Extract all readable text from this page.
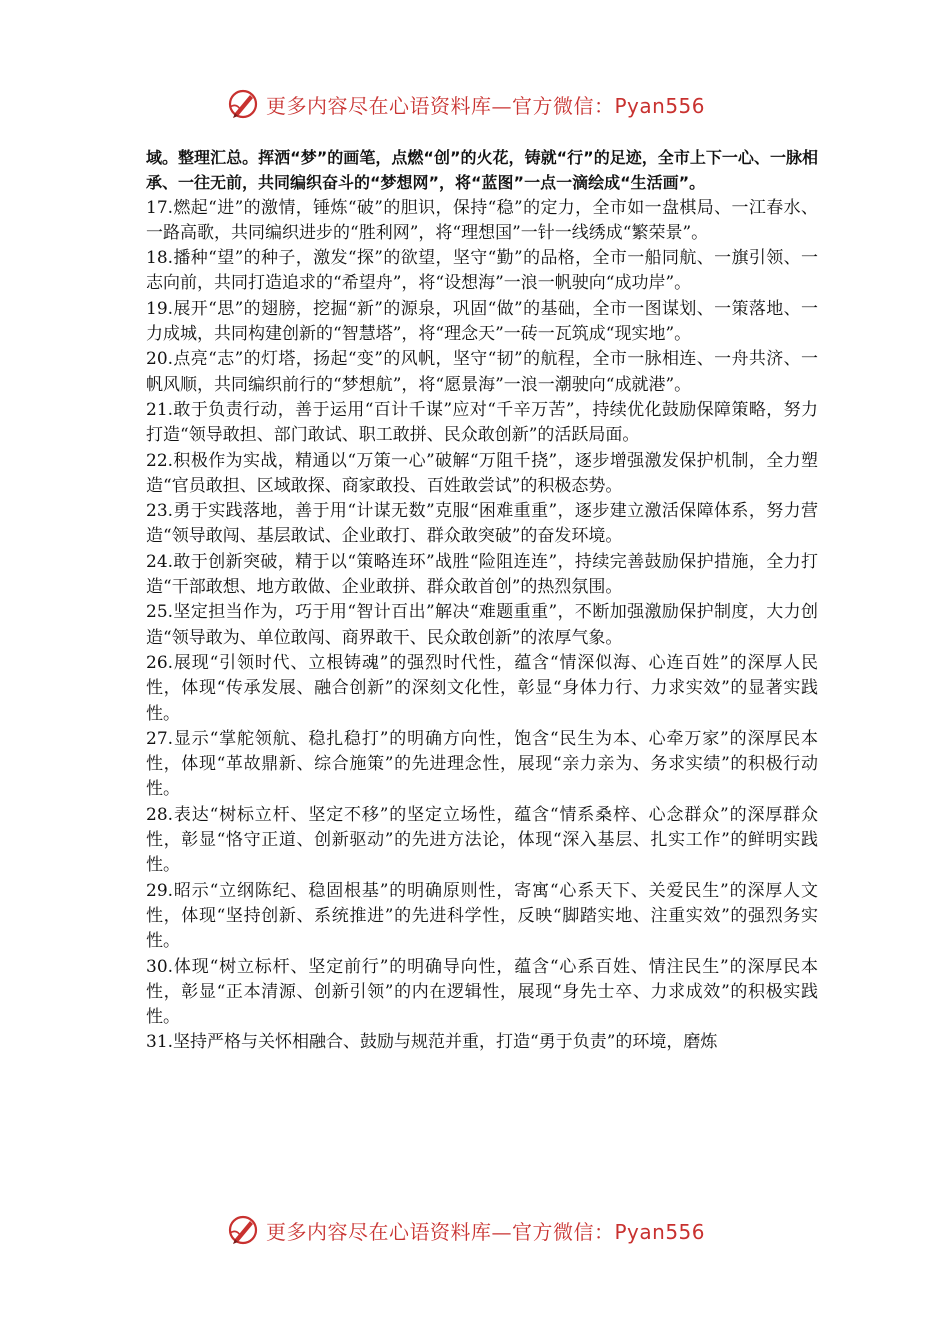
更多内容尽在心语资料库—官方微信：Pyan556

域。整理汇总。挥洒“梦”的画笔，点燃“创”的火花，铸就“行”的足迹，全市上下一心、一脉相承、一往无前，共同编织奋斗的“梦想网”，将“蓝图”一点一滴绘成“生活画”。

17.燃起“进”的激情，锤炼“破”的胆识，保持“稳”的定力，全市如一盘棋局、一江春水、一路高歌，共同编织进步的“胜利网”，将“理想国”一针一线绣成“繁荣景”。

18.播种“望”的种子，激发“探”的欲望，坚守“勤”的品格，全市一船同航、一旗引领、一志向前，共同打造追求的“希望舟”，将“设想海”一浪一帆驶向“成功岸”。

19.展开“思”的翅膀，挖掘“新”的源泉，巩固“做”的基础，全市一图谋划、一策落地、一力成城，共同构建创新的“智慧塔”，将“理念天”一砖一瓦筑成“现实地”。

20.点亮“志”的灯塔，扬起“变”的风帆，坚守“韧”的航程，全市一脉相连、一舟共济、一帆风顺，共同编织前行的“梦想航”，将“愿景海”一浪一潮驶向“成就港”。

21.敢于负责行动，善于运用“百计千谋”应对“千辛万苦”，持续优化鼓励保障策略，努力打造“领导敢担、部门敢试、职工敢拼、民众敢创新”的活跃局面。

22.积极作为实战，精通以“万策一心”破解“万阻千挠”，逐步增强激发保护机制，全力塑造“官员敢担、区域敢探、商家敢投、百姓敢尝试”的积极态势。

23.勇于实践落地，善于用“计谋无数”克服“困难重重”，逐步建立激活保障体系，努力营造“领导敢闯、基层敢试、企业敢打、群众敢突破”的奋发环境。

24.敢于创新突破，精于以“策略连环”战胜“险阻连连”，持续完善鼓励保护措施，全力打造“干部敢想、地方敢做、企业敢拼、群众敢首创”的热烈氛围。

25.坚定担当作为，巧于用“智计百出”解决“难题重重”，不断加强激励保护制度，大力创造“领导敢为、单位敢闯、商界敢干、民众敢创新”的浓厚气象。

26.展现“引领时代、立根铸魂”的强烈时代性，蕴含“情深似海、心连百姓”的深厚人民性，体现“传承发展、融合创新”的深刻文化性，彰显“身体力行、力求实效”的显著实践性。

27.显示“掌舵领航、稳扎稳打”的明确方向性，饱含“民生为本、心牵万家”的深厚民本性，体现“革故鼎新、综合施策”的先进理念性，展现“亲力亲为、务求实绩”的积极行动性。

28.表达“树标立杆、坚定不移”的坚定立场性，蕴含“情系桑梓、心念群众”的深厚群众性，彰显“恪守正道、创新驱动”的先进方法论，体现“深入基层、扎实工作”的鲜明实践性。

29.昭示“立纲陈纪、稳固根基”的明确原则性，寄寓“心系天下、关爱民生”的深厚人文性，体现“坚持创新、系统推进”的先进科学性，反映“脚踏实地、注重实效”的强烈务实性。

30.体现“树立标杆、坚定前行”的明确导向性，蕴含“心系百姓、情注民生”的深厚民本性，彰显“正本清源、创新引领”的内在逻辑性，展现“身先士卒、力求成效”的积极实践性。

31.坚持严格与关怀相融合、鼓励与规范并重，打造“勇于负责”的环境，磨炼

更多内容尽在心语资料库—官方微信：Pyan556
